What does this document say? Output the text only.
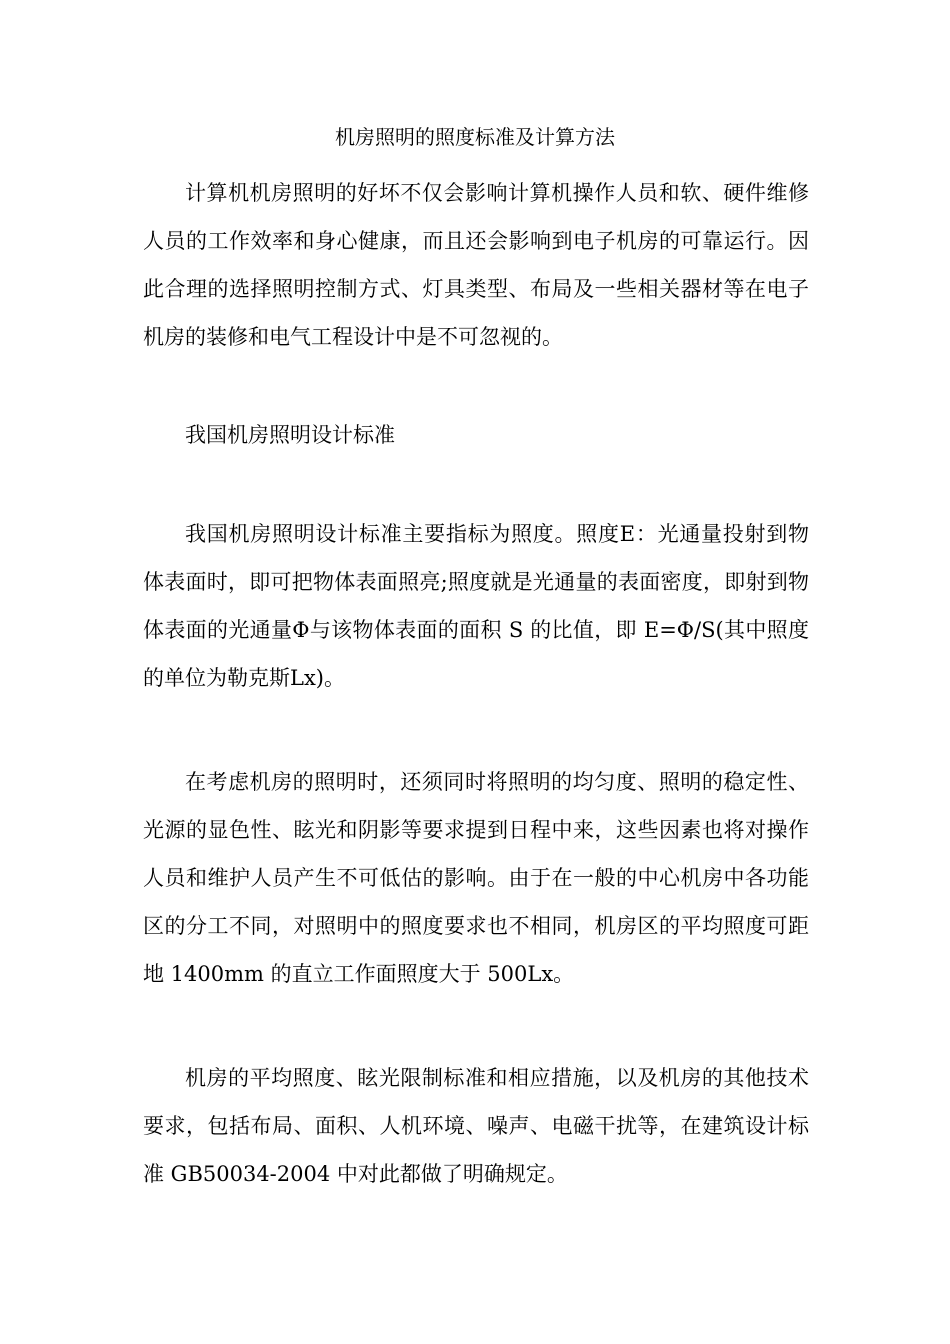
机房照明的照度标准及计算方法

计算机机房照明的好坏不仅会影响计算机操作人员和软、硬件维修人员的工作效率和身心健康，而且还会影响到电子机房的可靠运行。因此合理的选择照明控制方式、灯具类型、布局及一些相关器材等在电子机房的装修和电气工程设计中是不可忽视的。

我国机房照明设计标准

我国机房照明设计标准主要指标为照度。照度E：光通量投射到物体表面时，即可把物体表面照亮;照度就是光通量的表面密度，即射到物体表面的光通量Φ与该物体表面的面积 S 的比值，即 E=Φ/S(其中照度的单位为勒克斯Lx)。

在考虑机房的照明时，还须同时将照明的均匀度、照明的稳定性、光源的显色性、眩光和阴影等要求提到日程中来，这些因素也将对操作人员和维护人员产生不可低估的影响。由于在一般的中心机房中各功能区的分工不同，对照明中的照度要求也不相同，机房区的平均照度可距地 1400mm 的直立工作面照度大于 500Lx。

机房的平均照度、眩光限制标准和相应措施，以及机房的其他技术要求，包括布局、面积、人机环境、噪声、电磁干扰等，在建筑设计标准 GB50034-2004 中对此都做了明确规定。
